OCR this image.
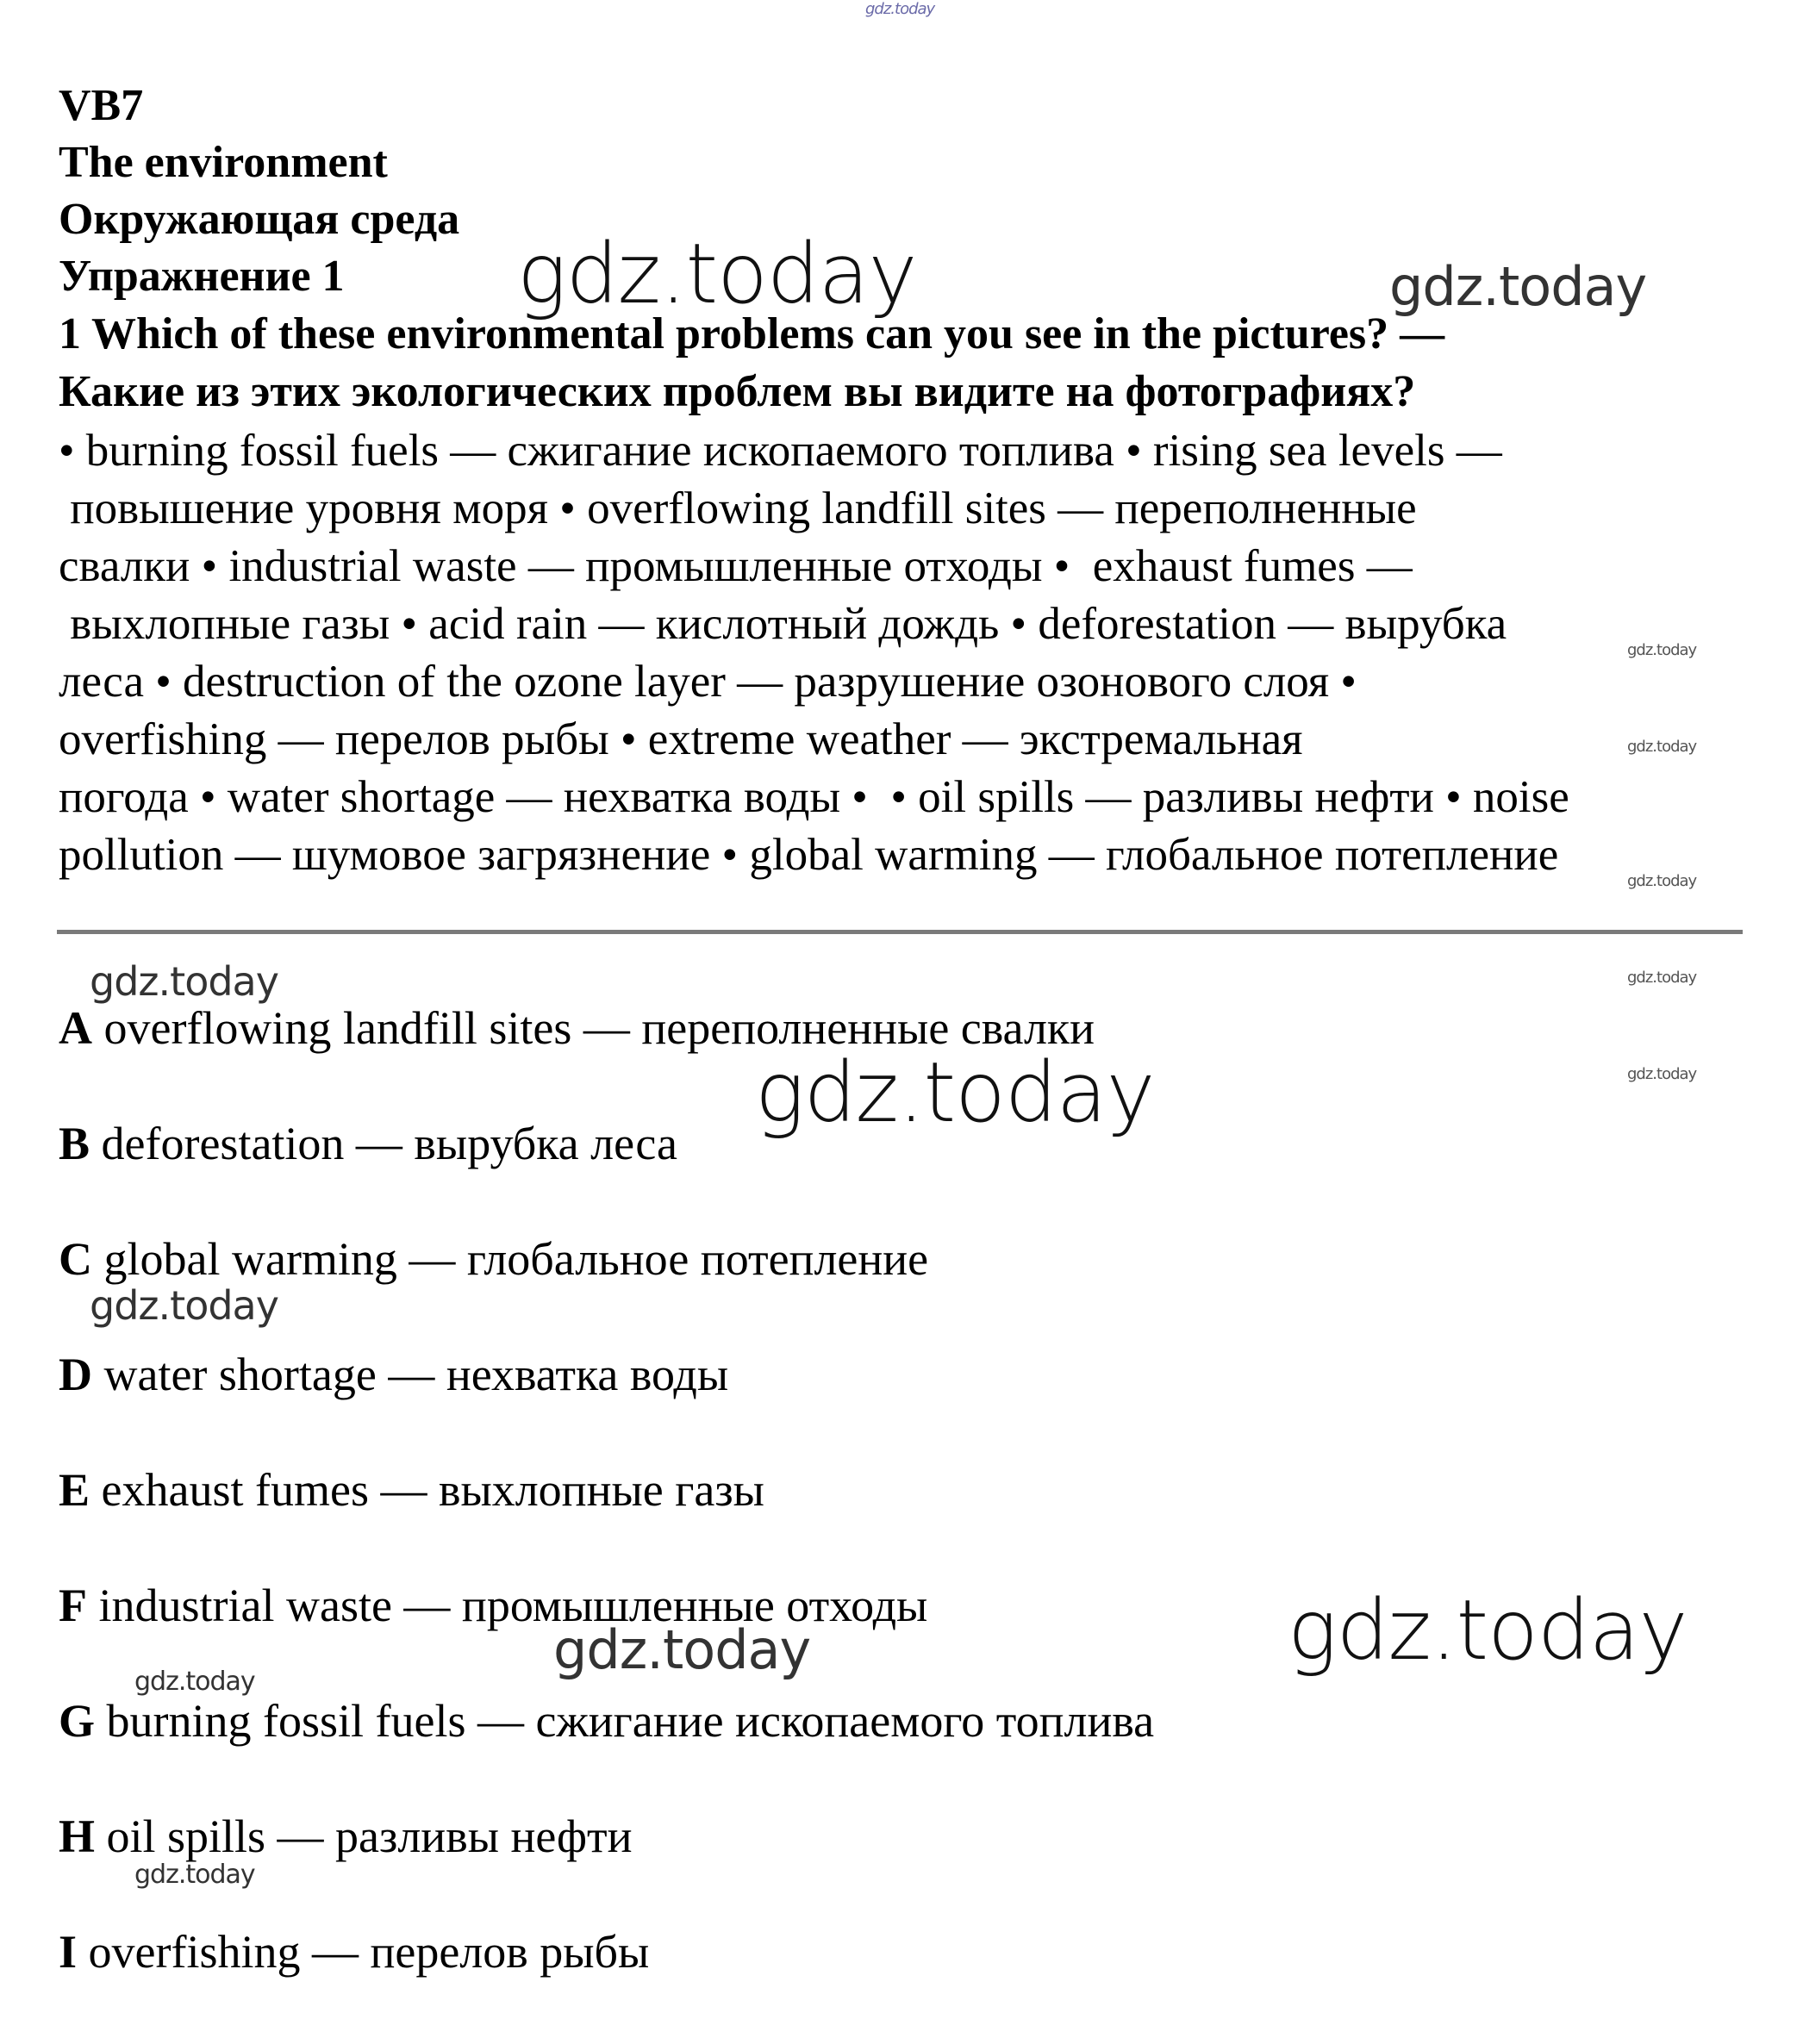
VB7
The environment
Окружающая среда
Упражнение 1
1 Which of these environmental problems can you see in the pictures? —
Какие из этих экологических проблем вы видите на фотографиях?
• burning fossil fuels — сжигание ископаемого топлива • rising sea levels —
повышение уровня моря • overflowing landfill sites — переполненные
свалки • industrial waste — промышленные отходы •  exhaust fumes —
выхлопные газы • acid rain — кислотный дождь • deforestation — вырубка
леса • destruction of the ozone layer — разрушение озонового слоя •
overfishing — перелов рыбы • extreme weather — экстремальная
погода • water shortage — нехватка воды •  • oil spills — разливы нефти • noise
pollution — шумовое загрязнение • global warming — глобальное потепление
A overflowing landfill sites — переполненные свалки
B deforestation — вырубка леса
C global warming — глобальное потепление
D water shortage — нехватка воды
E exhaust fumes — выхлопные газы
F industrial waste — промышленные отходы
G burning fossil fuels — сжигание ископаемого топлива
H oil spills — разливы нефти
I overfishing — перелов рыбы
gdz.today
gdz.today	gdz.today
gdz.today
gdz.today
gdz.today
gdz.today
gdz.today
gdz.today
gdz.today
gdz.today
gdz.today
gdz.today
gdz.today
gdz.today
